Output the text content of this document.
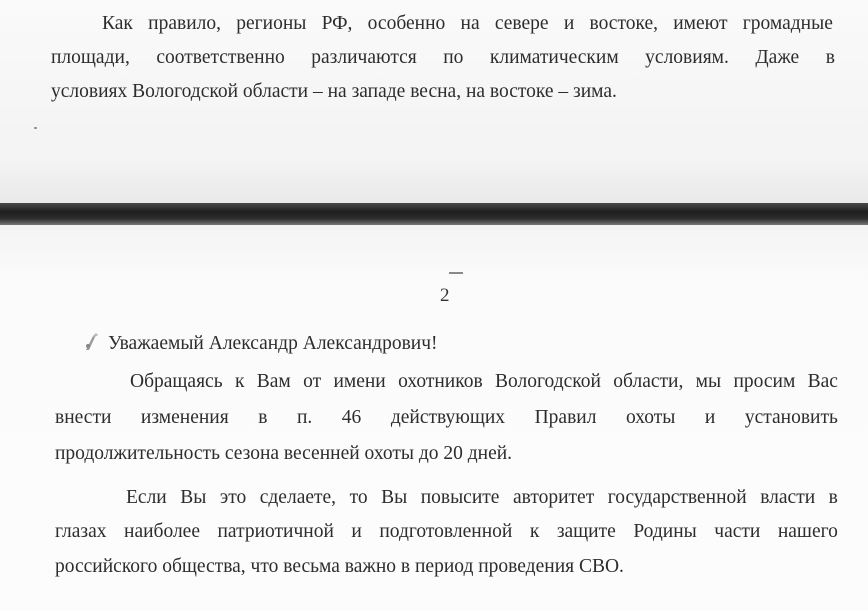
Как правило, регионы РФ, особенно на севере и востоке, имеют громадные
площади, соответственно различаются по климатическим условиям. Даже в
условиях Вологодской области – на западе весна, на востоке – зима.
2
Уважаемый Александр Александрович!
Обращаясь к Вам от имени охотников Вологодской области, мы просим Вас
внести изменения в п. 46 действующих Правил охоты и установить
продолжительность сезона весенней охоты до 20 дней.
Если Вы это сделаете, то Вы повысите авторитет государственной власти в
глазах наиболее патриотичной и подготовленной к защите Родины части нашего
российского общества, что весьма важно в период проведения СВО.
